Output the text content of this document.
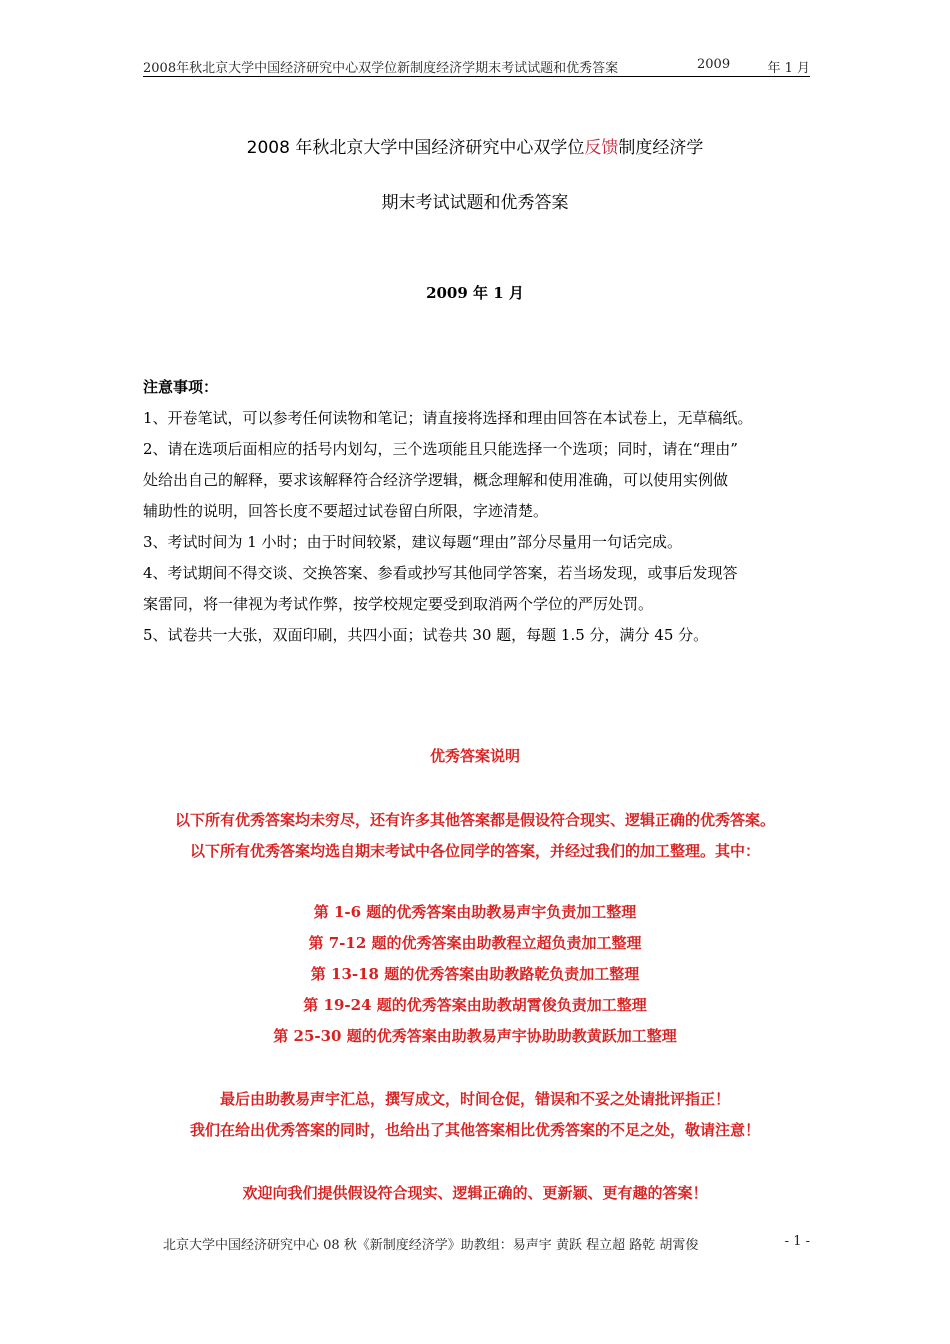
2008年秋北京大学中国经济研究中心双学位新制度经济学期末考试试题和优秀答案	2009	年 1 月
2008 年秋北京大学中国经济研究中心双学位反馈制度经济学
期末考试试题和优秀答案
2009 年 1 月
注意事项：
1、开卷笔试，可以参考任何读物和笔记；请直接将选择和理由回答在本试卷上，无草稿纸。
2、请在选项后面相应的括号内划勾，三个选项能且只能选择一个选项；同时，请在“理由”
处给出自己的解释，要求该解释符合经济学逻辑，概念理解和使用准确，可以使用实例做
辅助性的说明，回答长度不要超过试卷留白所限，字迹清楚。
3、考试时间为 1 小时；由于时间较紧，建议每题“理由”部分尽量用一句话完成。
4、考试期间不得交谈、交换答案、参看或抄写其他同学答案，若当场发现，或事后发现答
案雷同，将一律视为考试作弊，按学校规定要受到取消两个学位的严厉处罚。
5、试卷共一大张，双面印刷，共四小面；试卷共 30 题，每题 1.5 分，满分 45 分。
优秀答案说明
以下所有优秀答案均未穷尽，还有许多其他答案都是假设符合现实、逻辑正确的优秀答案。
以下所有优秀答案均选自期末考试中各位同学的答案，并经过我们的加工整理。其中：
第 1-6 题的优秀答案由助教易声宇负责加工整理
第 7-12 题的优秀答案由助教程立超负责加工整理
第 13-18 题的优秀答案由助教路乾负责加工整理
第 19-24 题的优秀答案由助教胡霄俊负责加工整理
第 25-30 题的优秀答案由助教易声宇协助助教黄跃加工整理
最后由助教易声宇汇总，撰写成文，时间仓促，错误和不妥之处请批评指正！
我们在给出优秀答案的同时，也给出了其他答案相比优秀答案的不足之处，敬请注意！
欢迎向我们提供假设符合现实、逻辑正确的、更新颖、更有趣的答案！
北京大学中国经济研究中心 08 秋《新制度经济学》助教组：易声宇 黄跃 程立超 路乾 胡霄俊	- 1 -
